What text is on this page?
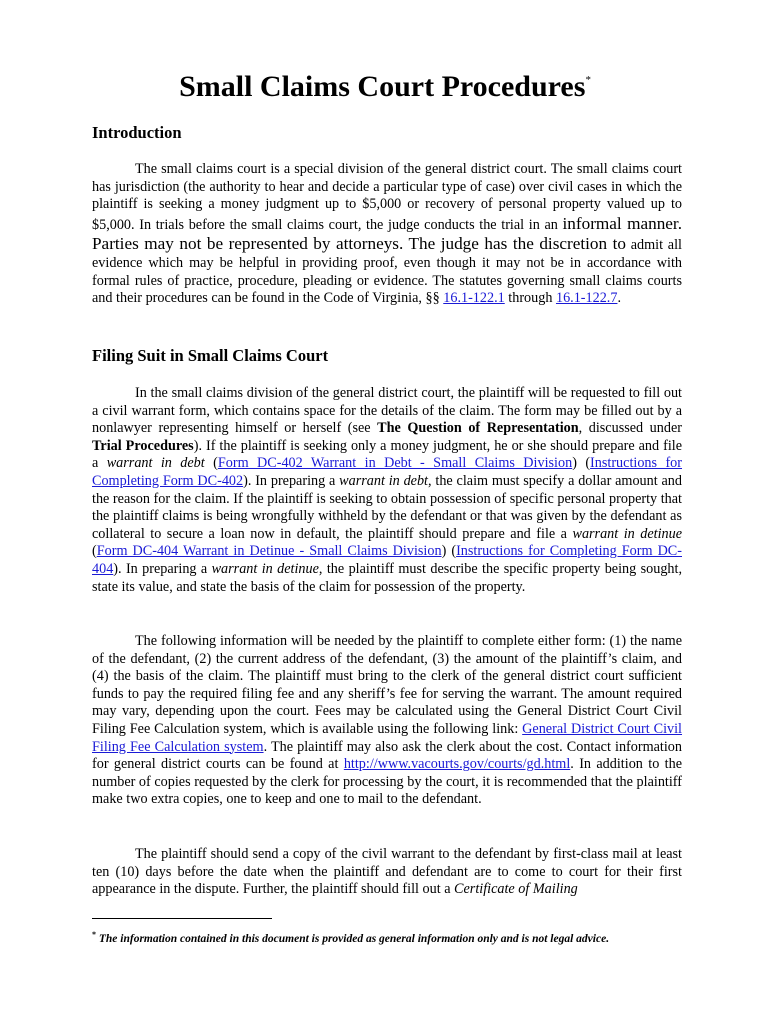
Small Claims Court Procedures*
Introduction

The small claims court is a special division of the general district court. The small claims court has jurisdiction (the authority to hear and decide a particular type of case) over civil cases in which the plaintiff is seeking a money judgment up to $5,000 or recovery of personal property valued up to $5,000. In trials before the small claims court, the judge conducts the trial in an informal manner. Parties may not be represented by attorneys. The judge has the discretion to admit all evidence which may be helpful in providing proof, even though it may not be in accordance with formal rules of practice, procedure, pleading or evidence. The statutes governing small claims courts and their procedures can be found in the Code of Virginia, §§ 16.1-122.1 through 16.1-122.7.

Filing Suit in Small Claims Court

In the small claims division of the general district court, the plaintiff will be requested to fill out a civil warrant form, which contains space for the details of the claim. The form may be filled out by a nonlawyer representing himself or herself (see The Question of Representation, discussed under Trial Procedures). If the plaintiff is seeking only a money judgment, he or she should prepare and file a warrant in debt (Form DC-402 Warrant in Debt - Small Claims Division) (Instructions for Completing Form DC-402). In preparing a warrant in debt, the claim must specify a dollar amount and the reason for the claim. If the plaintiff is seeking to obtain possession of specific personal property that the plaintiff claims is being wrongfully withheld by the defendant or that was given by the defendant as collateral to secure a loan now in default, the plaintiff should prepare and file a warrant in detinue (Form DC-404 Warrant in Detinue - Small Claims Division) (Instructions for Completing Form DC-404). In preparing a warrant in detinue, the plaintiff must describe the specific property being sought, state its value, and state the basis of the claim for possession of the property.

The following information will be needed by the plaintiff to complete either form: (1) the name of the defendant, (2) the current address of the defendant, (3) the amount of the plaintiff’s claim, and (4) the basis of the claim. The plaintiff must bring to the clerk of the general district court sufficient funds to pay the required filing fee and any sheriff’s fee for serving the warrant. The amount required may vary, depending upon the court. Fees may be calculated using the General District Court Civil Filing Fee Calculation system, which is available using the following link: General District Court Civil Filing Fee Calculation system. The plaintiff may also ask the clerk about the cost. Contact information for general district courts can be found at http://www.vacourts.gov/courts/gd.html. In addition to the number of copies requested by the clerk for processing by the court, it is recommended that the plaintiff make two extra copies, one to keep and one to mail to the defendant.

The plaintiff should send a copy of the civil warrant to the defendant by first-class mail at least ten (10) days before the date when the plaintiff and defendant are to come to court for their first appearance in the dispute. Further, the plaintiff should fill out a Certificate of Mailing

* The information contained in this document is provided as general information only and is not legal advice.
